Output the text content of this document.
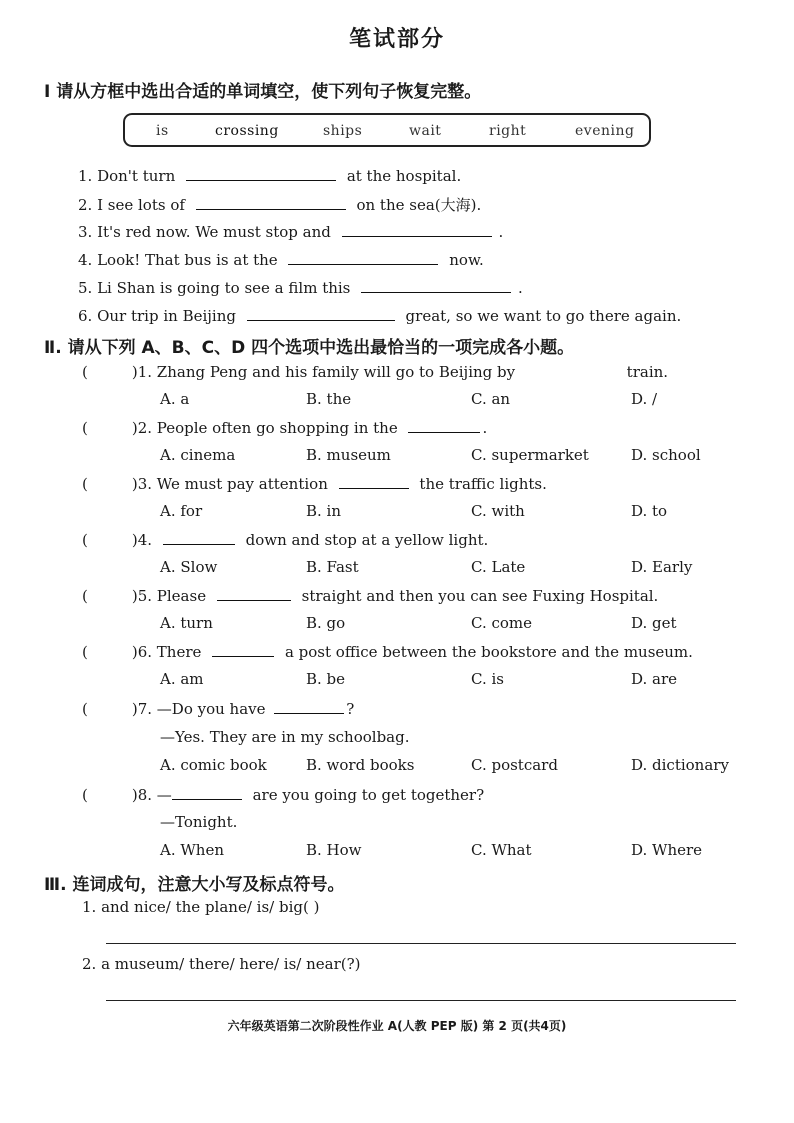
笔试部分
Ⅰ 请从方框中选出合适的单词填空，使下列句子恢复完整。
is	crossing	ships	wait	right	evening
1. Don't turn	at the hospital.
2. I see lots of	on the sea(大海).
3. It's red now. We must stop and	.
4. Look! That bus is at the	now.
5. Li Shan is going to see a film this	.
6. Our trip in Beijing	great, so we want to go there again.
Ⅱ. 请从下列 A、B、C、D 四个选项中选出最恰当的一项完成各小题。
(	)1. Zhang Peng and his family will go to Beijing by	train.
A. a	B. the	C. an	D. /
(	)2. People often go shopping in the	.
A. cinema	B. museum	C. supermarket	D. school
(	)3. We must pay attention	the traffic lights.
A. for	B. in	C. with	D. to
(	)4.	down and stop at a yellow light.
A. Slow	B. Fast	C. Late	D. Early
(	)5. Please	straight and then you can see Fuxing Hospital.
A. turn	B. go	C. come	D. get
(	)6. There	a post office between the bookstore and the museum.
A. am	B. be	C. is	D. are
(	)7. —Do you have	?
—Yes. They are in my schoolbag.
A. comic book	B. word books	C. postcard	D. dictionary
(	)8. —	are you going to get together?
—Tonight.
A. When	B. How	C. What	D. Where
Ⅲ. 连词成句，注意大小写及标点符号。
1. and nice/ the plane/ is/ big( )
2. a museum/ there/ here/ is/ near(?)
六年级英语第二次阶段性作业 A(人教 PEP 版) 第 2 页(共4页)
